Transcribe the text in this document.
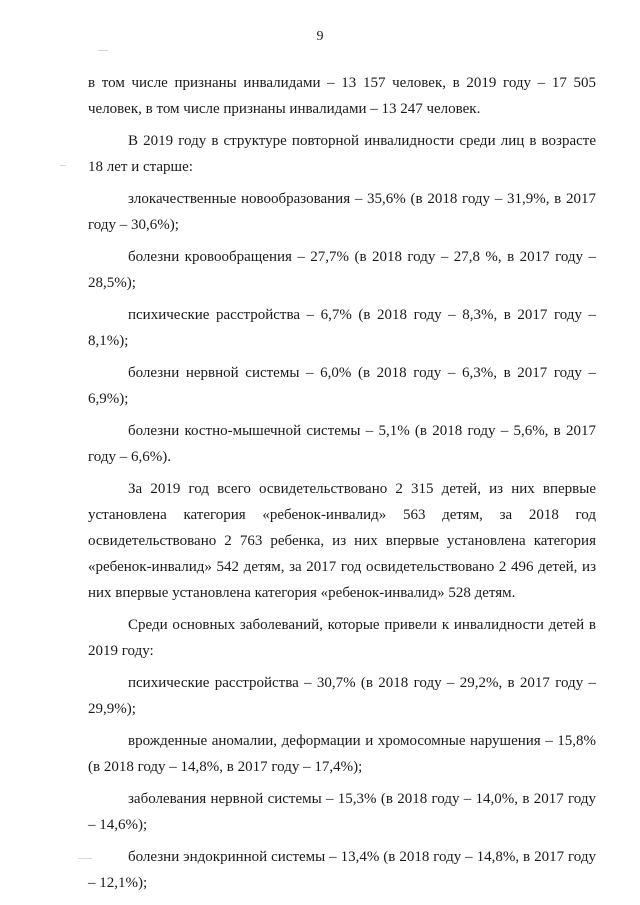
9

в том числе признаны инвалидами – 13 157 человек, в 2019 году – 17 505 человек, в том числе признаны инвалидами – 13 247 человек.

В 2019 году в структуре повторной инвалидности среди лиц в возрасте 18 лет и старше:

злокачественные новообразования – 35,6% (в 2018 году – 31,9%, в 2017 году – 30,6%);

болезни кровообращения – 27,7% (в 2018 году – 27,8 %, в 2017 году – 28,5%);

психические расстройства – 6,7% (в 2018 году – 8,3%, в 2017 году – 8,1%);

болезни нервной системы – 6,0% (в 2018 году – 6,3%, в 2017 году – 6,9%);

болезни костно-мышечной системы – 5,1% (в 2018 году – 5,6%, в 2017 году – 6,6%).

За 2019 год всего освидетельствовано 2 315 детей, из них впервые установлена категория «ребенок-инвалид» 563 детям, за 2018 год освидетельствовано 2 763 ребенка, из них впервые установлена категория «ребенок-инвалид» 542 детям, за 2017 год освидетельствовано 2 496 детей, из них впервые установлена категория «ребенок-инвалид» 528 детям.

Среди основных заболеваний, которые привели к инвалидности детей в 2019 году:

психические расстройства – 30,7% (в 2018 году – 29,2%, в 2017 году – 29,9%);

врожденные аномалии, деформации и хромосомные нарушения – 15,8% (в 2018 году – 14,8%, в 2017 году – 17,4%);

заболевания нервной системы – 15,3% (в 2018 году – 14,0%, в 2017 году – 14,6%);

болезни эндокринной системы – 13,4% (в 2018 году – 14,8%, в 2017 году – 12,1%);
